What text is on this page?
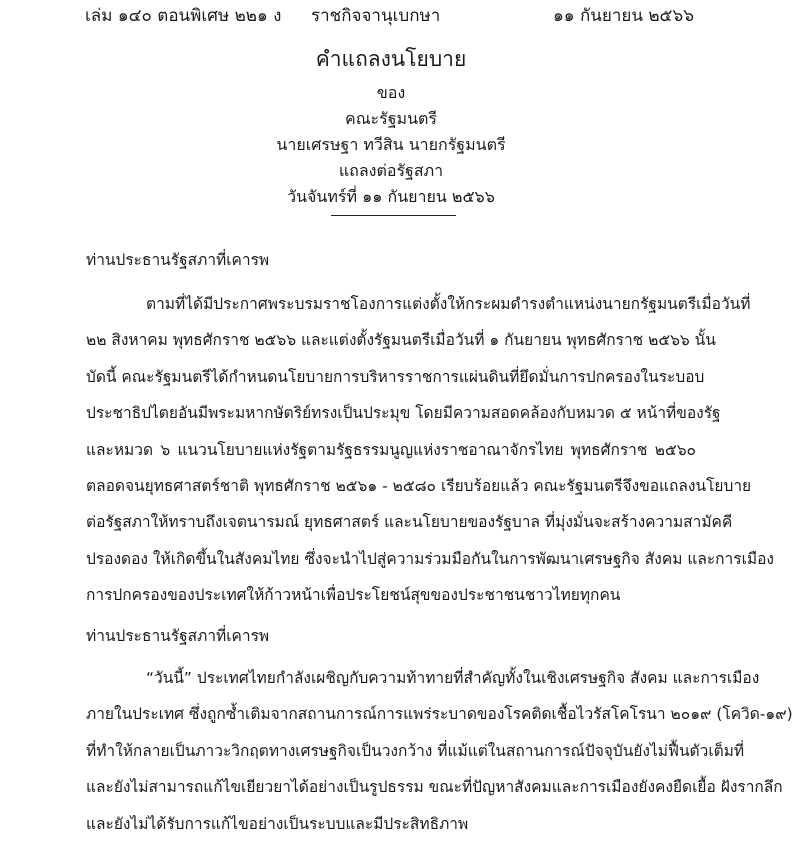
เล่ม ๑๔๐ ตอนพิเศษ ๒๒๑ ง ราชกิจจานุเบกษา	๑๑ กันยายน ๒๕๖๖

คำแถลงนโยบาย

ของ

คณะรัฐมนตรี

นายเศรษฐา ทวีสิน นายกรัฐมนตรี

แถลงต่อรัฐสภา

วันจันทร์ที่ ๑๑ กันยายน ๒๕๖๖

ท่านประธานรัฐสภาที่เคารพ
ตามที่ได้มีประกาศพระบรมราชโองการแต่งตั้งให้กระผมดำรงตำแหน่งนายกรัฐมนตรีเมื่อวันที่
๒๒ สิงหาคม พุทธศักราช ๒๕๖๖ และแต่งตั้งรัฐมนตรีเมื่อวันที่ ๑ กันยายน พุทธศักราช ๒๕๖๖ นั้น
บัดนี้ คณะรัฐมนตรีได้กำหนดนโยบายการบริหารราชการแผ่นดินที่ยึดมั่นการปกครองในระบอบ
ประชาธิปไตยอันมีพระมหากษัตริย์ทรงเป็นประมุข โดยมีความสอดคล้องกับหมวด ๕ หน้าที่ของรัฐ
และหมวด ๖ แนวนโยบายแห่งรัฐตามรัฐธรรมนูญแห่งราชอาณาจักรไทย พุทธศักราช ๒๕๖๐
ตลอดจนยุทธศาสตร์ชาติ พุทธศักราช ๒๕๖๑ - ๒๕๘๐ เรียบร้อยแล้ว คณะรัฐมนตรีจึงขอแถลงนโยบาย
ต่อรัฐสภาให้ทราบถึงเจตนารมณ์ ยุทธศาสตร์ และนโยบายของรัฐบาล ที่มุ่งมั่นจะสร้างความสามัคคี
ปรองดอง ให้เกิดขึ้นในสังคมไทย ซึ่งจะนำไปสู่ความร่วมมือกันในการพัฒนาเศรษฐกิจ สังคม และการเมือง
การปกครองของประเทศให้ก้าวหน้าเพื่อประโยชน์สุขของประชาชนชาวไทยทุกคน
ท่านประธานรัฐสภาที่เคารพ
“วันนี้” ประเทศไทยกำลังเผชิญกับความท้าทายที่สำคัญทั้งในเชิงเศรษฐกิจ สังคม และการเมือง
ภายในประเทศ ซึ่งถูกซ้ำเติมจากสถานการณ์การแพร่ระบาดของโรคติดเชื้อไวรัสโคโรนา ๒๐๑๙ (โควิด-๑๙)
ที่ทำให้กลายเป็นภาวะวิกฤตทางเศรษฐกิจเป็นวงกว้าง ที่แม้แต่ในสถานการณ์ปัจจุบันยังไม่ฟื้นตัวเต็มที่
และยังไม่สามารถแก้ไขเยียวยาได้อย่างเป็นรูปธรรม ขณะที่ปัญหาสังคมและการเมืองยังคงยืดเยื้อ ฝังรากลึก
และยังไม่ได้รับการแก้ไขอย่างเป็นระบบและมีประสิทธิภาพ
